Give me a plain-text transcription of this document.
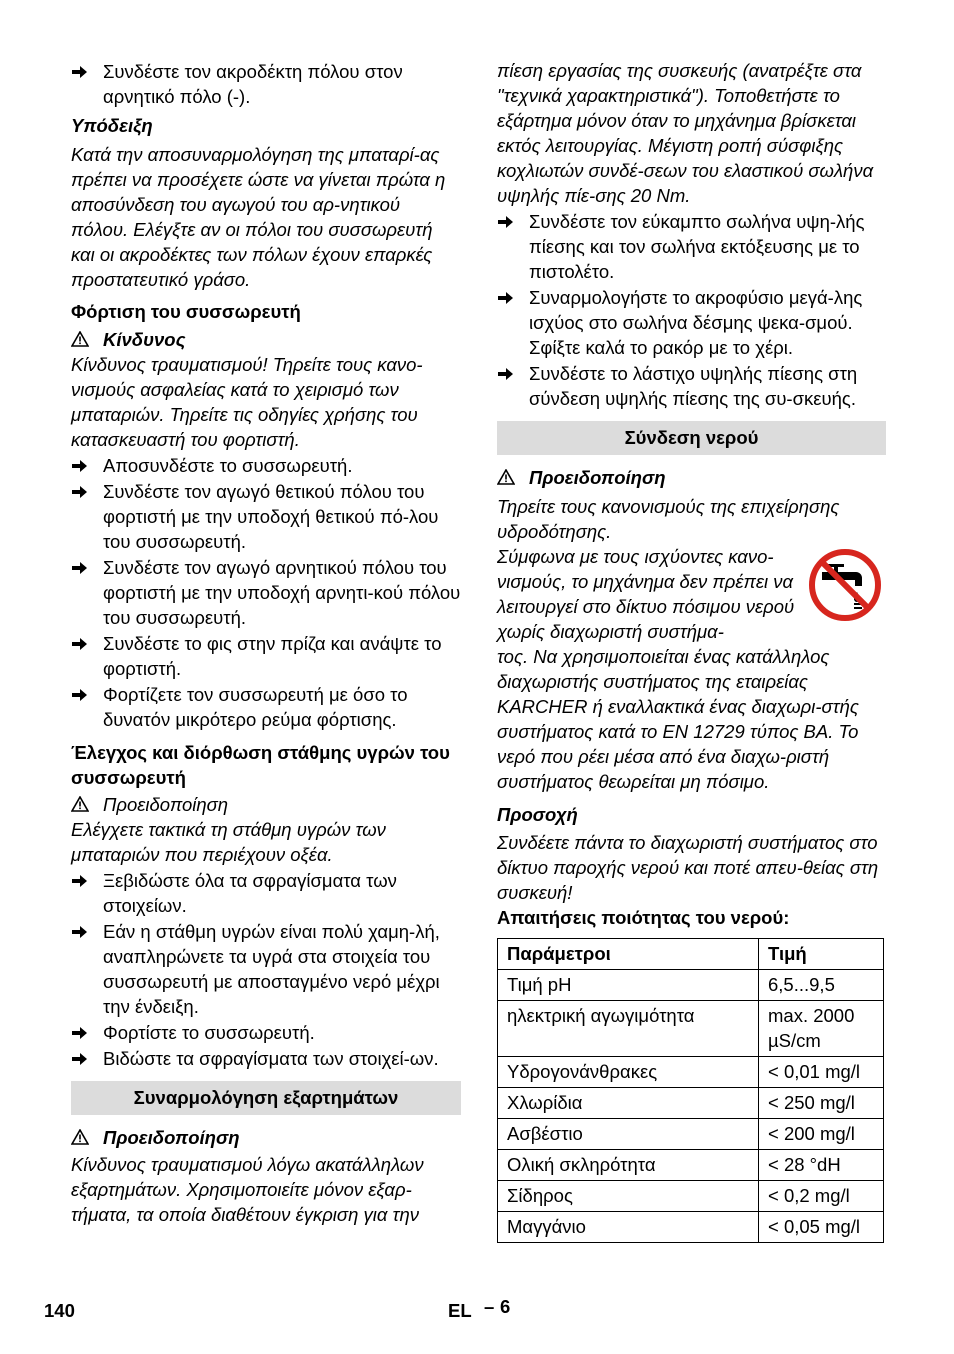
Συνδέστε τον ακροδέκτη πόλου στον αρνητικό πόλο (-).

Υπόδειξη

Κατά την αποσυναρμολόγηση της μπαταρί-ας πρέπει να προσέχετε ώστε να γίνεται πρώτα η αποσύνδεση του αγωγού του αρ-νητικού πόλου. Ελέγξτε αν οι πόλοι του συσσωρευτή και οι ακροδέκτες των πόλων έχουν επαρκές προστατευτικό γράσο.

Φόρτιση του συσσωρευτή

Κίνδυνος

Κίνδυνος τραυματισμού! Τηρείτε τους κανο-νισμούς ασφαλείας κατά το χειρισμό των μπαταριών. Τηρείτε τις οδηγίες χρήσης του κατασκευαστή του φορτιστή.

Αποσυνδέστε το συσσωρευτή.
Συνδέστε τον αγωγό θετικού πόλου του φορτιστή με την υποδοχή θετικού πό-λου του συσσωρευτή.
Συνδέστε τον αγωγό αρνητικού πόλου του φορτιστή με την υποδοχή αρνητι-κού πόλου του συσσωρευτή.
Συνδέστε το φις στην πρίζα και ανάψτε το φορτιστή.
Φορτίζετε τον συσσωρευτή με όσο το δυνατόν μικρότερο ρεύμα φόρτισης.

Έλεγχος και διόρθωση στάθμης υγρών του συσσωρευτή

Προειδοποίηση

Ελέγχετε τακτικά τη στάθμη υγρών των μπαταριών που περιέχουν οξέα.

Ξεβιδώστε όλα τα σφραγίσματα των στοιχείων.
Εάν η στάθμη υγρών είναι πολύ χαμη-λή, αναπληρώνετε τα υγρά στα στοιχεία του συσσωρευτή με αποσταγμένο νερό μέχρι την ένδειξη.
Φορτίστε το συσσωρευτή.
Βιδώστε τα σφραγίσματα των στοιχεί-ων.
Συναρμολόγηση εξαρτημάτων
Προειδοποίηση

Κίνδυνος τραυματισμού λόγω ακατάλληλων εξαρτημάτων. Χρησιμοποιείτε μόνον εξαρ-τήματα, τα οποία διαθέτουν έγκριση για την

πίεση εργασίας της συσκευής (ανατρέξτε στα "τεχνικά χαρακτηριστικά"). Τοποθετήστε το εξάρτημα μόνον όταν το μηχάνημα βρίσκεται εκτός λειτουργίας. Μέγιστη ροπή σύσφιξης κοχλιωτών συνδέ-σεων του ελαστικού σωλήνα υψηλής πίε-σης 20 Nm.

Συνδέστε τον εύκαμπτο σωλήνα υψη-λής πίεσης και τον σωλήνα εκτόξευσης με το πιστολέτο.
Συναρμολογήστε το ακροφύσιο μεγά-λης ισχύος στο σωλήνα δέσμης ψεκα-σμού. Σφίξτε καλά το ρακόρ με το χέρι.
Συνδέστε το λάστιχο υψηλής πίεσης στη σύνδεση υψηλής πίεσης της συ-σκευής.
Σύνδεση νερού
Προειδοποίηση

Τηρείτε τους κανονισμούς της επιχείρησης υδροδότησης.

Σύμφωνα με τους ισχύοντες κανο-νισμούς, το μηχάνημα δεν πρέπει να λειτουργεί στο δίκτυο πόσιμου νερού χωρίς διαχωριστή συστήμα-

τος. Να χρησιμοποιείται ένας κατάλληλος διαχωριστής συστήματος της εταιρείας KARCHER ή εναλλακτικά ένας διαχωρι-στής συστήματος κατά το EN 12729 τύπος BA. Το νερό που ρέει μέσα από ένα διαχω-ριστή συστήματος θεωρείται μη πόσιμο.

Προσοχή

Συνδέετε πάντα το διαχωριστή συστήματος στο δίκτυο παροχής νερού και ποτέ απευ-θείας στη συσκευή!

Απαιτήσεις ποιότητας του νερού:

Παράμετροι	Τιμή
Τιμή pH	6,5...9,5
ηλεκτρική αγωγιμότητα	max. 2000 µS/cm
Υδρογονάνθρακες	< 0,01 mg/l
Χλωρίδια	< 250 mg/l
Ασβέστιο	< 200 mg/l
Ολική σκληρότητα	< 28 °dH
Σίδηρος	< 0,2 mg/l
Μαγγάνιο	< 0,05 mg/l
140	EL – 6
